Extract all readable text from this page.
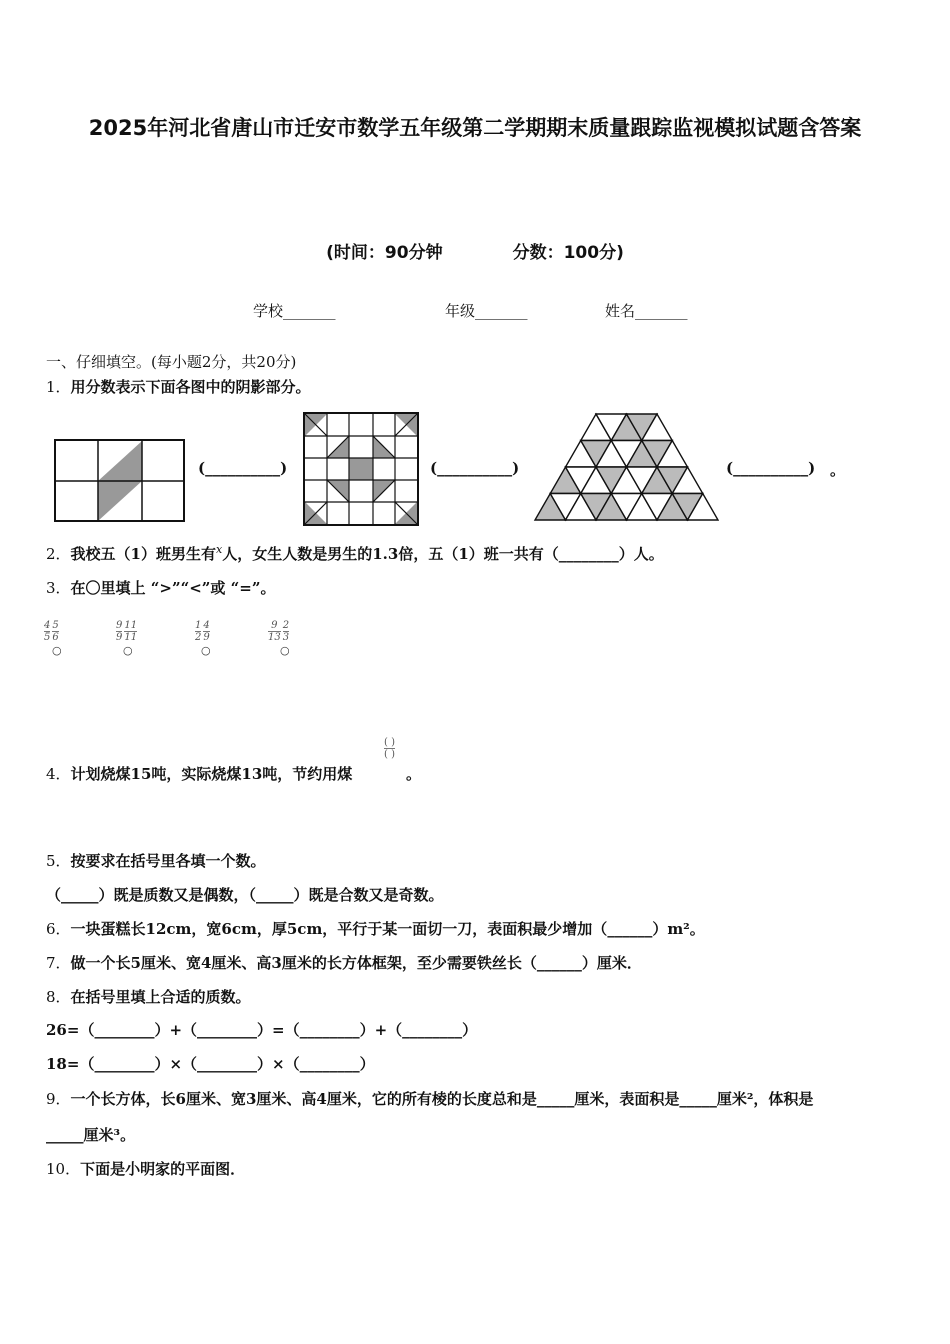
2025年河北省唐山市迁安市数学五年级第二学期期末质量跟踪监视模拟试题含答案
(时间：90分钟	分数：100分)
学校_______	年级_______	姓名_______
一、仔细填空。(每小题2分，共20分)
1．用分数表示下面各图中的阴影部分。
(__________)	(__________)	(__________) 。
2．我校五（1）班男生有$^x$人，女生人数是男生的1.3倍，五（1）班一共有（________）人。
3．在〇里填上 “>”“<”或 “=”。
$\frac{4}{5} \frac{5}{6}$
○
$\frac{9}{9} \frac{11}{11}$
○
$\frac{1}{2} \frac{4}{9}$
○
$\frac{9}{13} \frac{2}{3}$
○
4．计划烧煤15吨，实际烧煤13吨，节约用煤
$\frac{( )}{( )}$
。
5．按要求在括号里各填一个数。
（_____）既是质数又是偶数，（_____）既是合数又是奇数。
6．一块蛋糕长12cm，宽6cm，厚5cm，平行于某一面切一刀，表面积最少增加（______）m²。
7．做一个长5厘米、宽4厘米、高3厘米的长方体框架，至少需要铁丝长（______）厘米．
8．在括号里填上合适的质数。
26=（________）+（________）=（________）+（________）
18=（________）×（________）×（________）
9．一个长方体，长6厘米、宽3厘米、高4厘米，它的所有棱的长度总和是_____厘米，表面积是_____厘米²，体积是
_____厘米³。
10．下面是小明家的平面图．
